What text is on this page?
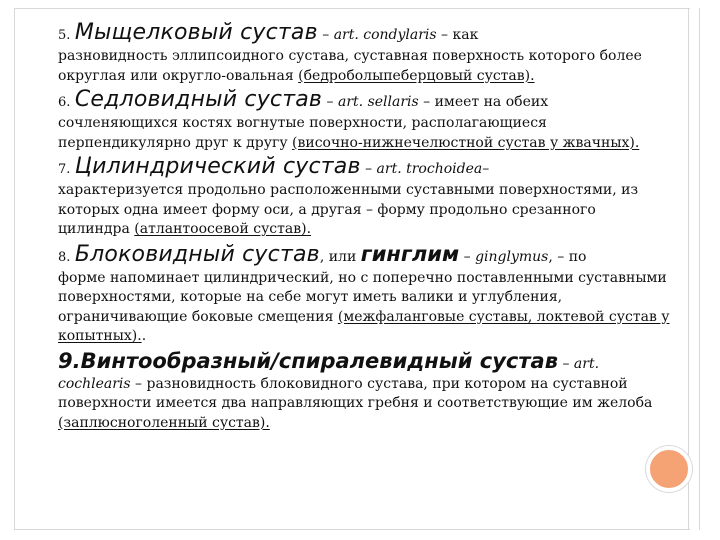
5. Мыщелковый сустав – art. condylaris – как
разновидность эллипсоидного сустава, суставная поверхность которого более округлая или округло-овальная (бедроболыпеберцовый сустав).
6. Седловидный сустав – art. sellaris – имеет на обеих
сочленяющихся костях вогнутые поверхности, располагающиеся перпендикулярно друг к другу (височно-нижнечелюстной сустав у жвачных).
7. Цилиндрический сустав – art. trochoidea–
характеризуется продольно расположенными суставными поверхностями, из которых одна имеет форму оси, а другая – форму продольно срезанного цилиндра (атлантоосевой сустав).
8. Блоковидный сустав, или гинглим – ginglymus, – по
форме напоминает цилиндрический, но с поперечно поставленными суставными поверхностями, которые на себе могут иметь валики и углубления, ограничивающие боковые смещения (межфаланговые суставы, локтевой сустав у копытных)..
9.Винтообразный/спиралевидный сустав – art.
cochlearis – разновидность блоковидного сустава, при котором на суставной поверхности имеется два направляющих гребня и соответствующие им желоба (заплюсноголенный сустав).
